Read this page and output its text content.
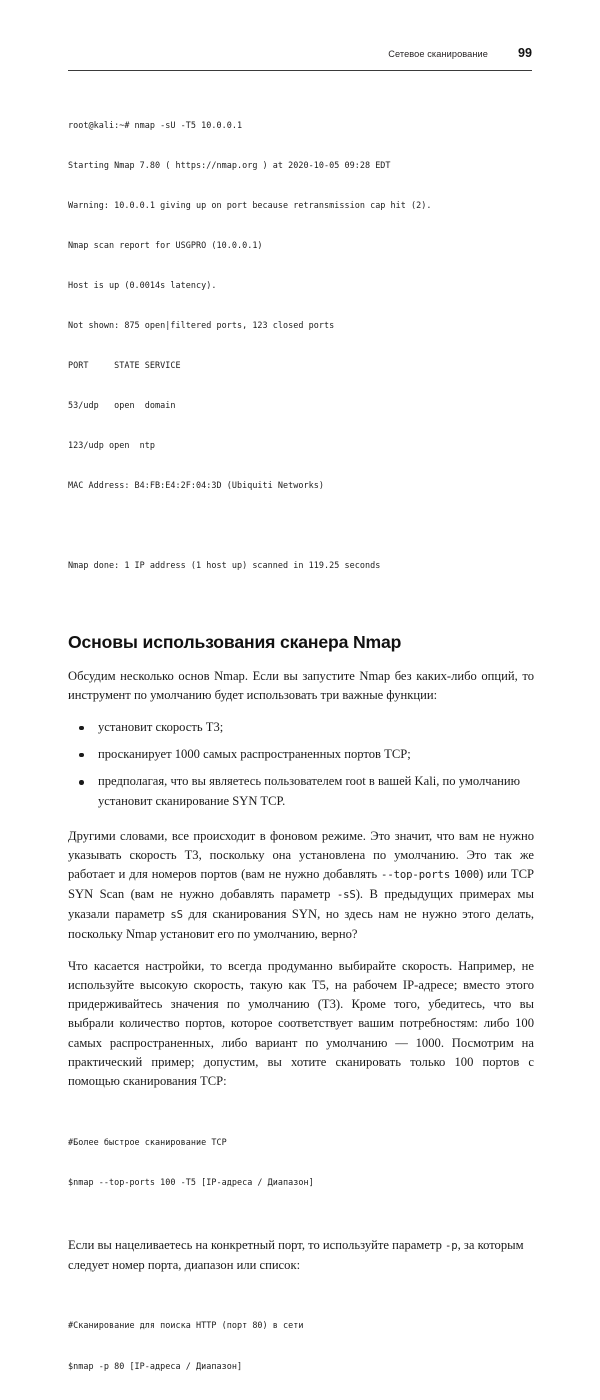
Сетевое сканирование	99

root@kali:~# nmap -sU -T5 10.0.0.1

Starting Nmap 7.80 ( https://nmap.org ) at 2020-10-05 09:28 EDT

Warning: 10.0.0.1 giving up on port because retransmission cap hit (2).

Nmap scan report for USGPRO (10.0.0.1)

Host is up (0.0014s latency).

Not shown: 875 open|filtered ports, 123 closed ports

PORT     STATE SERVICE

53/udp   open  domain

123/udp open  ntp

MAC Address: B4:FB:E4:2F:04:3D (Ubiquiti Networks)

Nmap done: 1 IP address (1 host up) scanned in 119.25 seconds

Основы использования сканера Nmap

Обсудим несколько основ Nmap. Если вы запустите Nmap без каких-либо опций, то инструмент по умолчанию будет использовать три важные функции:

установит скорость T3;
просканирует 1000 самых распространенных портов TCP;
предполагая, что вы являетесь пользователем root в вашей Kali, по умолчанию установит сканирование SYN TCP.

Другими словами, все происходит в фоновом режиме. Это значит, что вам не нужно указывать скорость T3, поскольку она установлена по умолчанию. Это так же работает и для номеров портов (вам не нужно добавлять --top-ports 1000) или TCP SYN Scan (вам не нужно добавлять параметр -sS). В предыдущих примерах мы указали параметр sS для сканирования SYN, но здесь нам не нужно этого делать, поскольку Nmap установит его по умолчанию, верно?

Что касается настройки, то всегда продуманно выбирайте скорость. Например, не используйте высокую скорость, такую как T5, на рабочем IP-адресе; вместо этого придерживайтесь значения по умолчанию (T3). Кроме того, убедитесь, что вы выбрали количество портов, которое соответствует вашим потребностям: либо 100 самых распространенных, либо вариант по умолчанию — 1000. Посмотрим на практический пример; допустим, вы хотите сканировать только 100 портов с помощью сканирования TCP:

#Более быстрое сканирование TCP

$nmap --top-ports 100 -T5 [IP-адреса / Диапазон]

Если вы нацеливаетесь на конкретный порт, то используйте параметр -p, за которым следует номер порта, диапазон или список:

#Сканирование для поиска HTTP (порт 80) в сети

$nmap -p 80 [IP-адреса / Диапазон]
